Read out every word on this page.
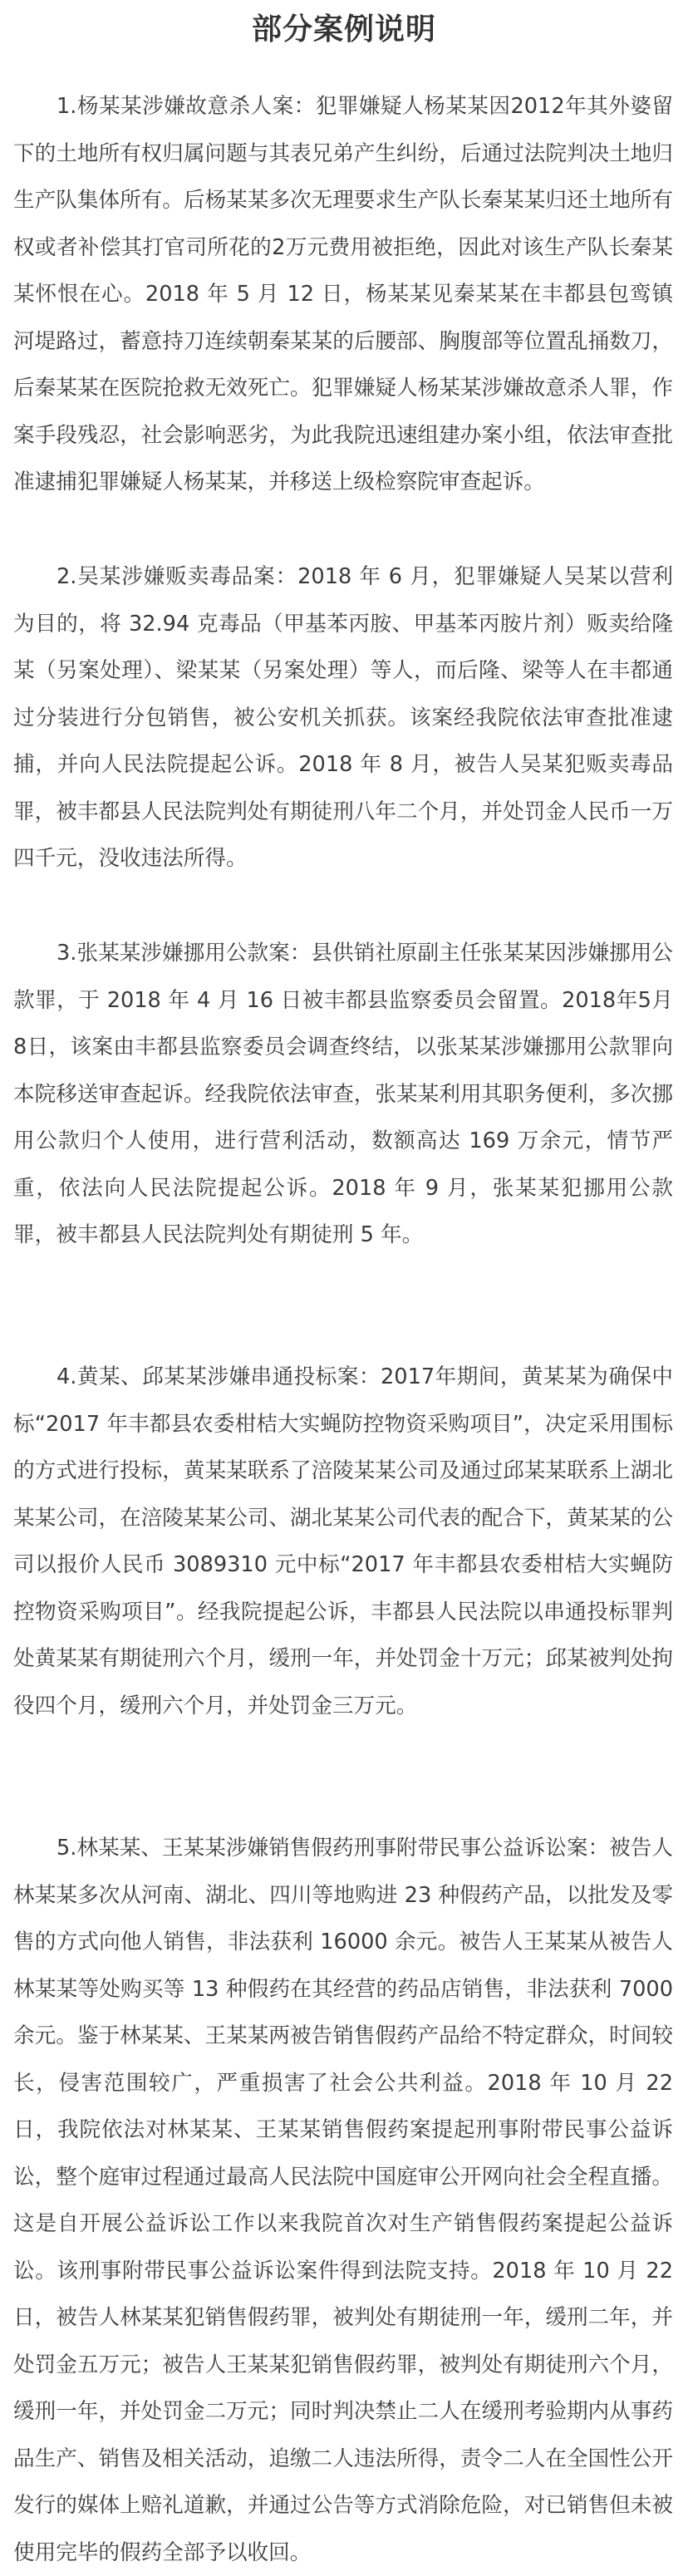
部分案例说明

1.杨某某涉嫌故意杀人案：犯罪嫌疑人杨某某因2012年其外婆留下的土地所有权归属问题与其表兄弟产生纠纷，后通过法院判决土地归生产队集体所有。后杨某某多次无理要求生产队长秦某某归还土地所有权或者补偿其打官司所花的2万元费用被拒绝，因此对该生产队长秦某某怀恨在心。2018 年 5 月 12 日，杨某某见秦某某在丰都县包鸾镇河堤路过，蓄意持刀连续朝秦某某的后腰部、胸腹部等位置乱捅数刀，后秦某某在医院抢救无效死亡。犯罪嫌疑人杨某某涉嫌故意杀人罪，作案手段残忍，社会影响恶劣，为此我院迅速组建办案小组，依法审查批准逮捕犯罪嫌疑人杨某某，并移送上级检察院审查起诉。

2.吴某涉嫌贩卖毒品案：2018 年 6 月，犯罪嫌疑人吴某以营利为目的，将 32.94 克毒品（甲基苯丙胺、甲基苯丙胺片剂）贩卖给隆某（另案处理）、梁某某（另案处理）等人，而后隆、梁等人在丰都通过分装进行分包销售，被公安机关抓获。该案经我院依法审查批准逮捕，并向人民法院提起公诉。2018 年 8 月，被告人吴某犯贩卖毒品罪，被丰都县人民法院判处有期徒刑八年二个月，并处罚金人民币一万四千元，没收违法所得。

3.张某某涉嫌挪用公款案：县供销社原副主任张某某因涉嫌挪用公款罪，于 2018 年 4 月 16 日被丰都县监察委员会留置。2018年5月8日，该案由丰都县监察委员会调查终结，以张某某涉嫌挪用公款罪向本院移送审查起诉。经我院依法审查，张某某利用其职务便利，多次挪用公款归个人使用，进行营利活动，数额高达 169 万余元，情节严重，依法向人民法院提起公诉。2018 年 9 月，张某某犯挪用公款罪，被丰都县人民法院判处有期徒刑 5 年。

4.黄某、邱某某涉嫌串通投标案：2017年期间，黄某某为确保中标“2017 年丰都县农委柑桔大实蝇防控物资采购项目”，决定采用围标的方式进行投标，黄某某联系了涪陵某某公司及通过邱某某联系上湖北某某公司，在涪陵某某公司、湖北某某公司代表的配合下，黄某某的公司以报价人民币 3089310 元中标“2017 年丰都县农委柑桔大实蝇防控物资采购项目”。经我院提起公诉，丰都县人民法院以串通投标罪判处黄某某有期徒刑六个月，缓刑一年，并处罚金十万元；邱某被判处拘役四个月，缓刑六个月，并处罚金三万元。

5.林某某、王某某涉嫌销售假药刑事附带民事公益诉讼案：被告人林某某多次从河南、湖北、四川等地购进 23 种假药产品，以批发及零售的方式向他人销售，非法获利 16000 余元。被告人王某某从被告人林某某等处购买等 13 种假药在其经营的药品店销售，非法获利 7000 余元。鉴于林某某、王某某两被告销售假药产品给不特定群众，时间较长，侵害范围较广，严重损害了社会公共利益。2018 年 10 月 22 日，我院依法对林某某、王某某销售假药案提起刑事附带民事公益诉讼，整个庭审过程通过最高人民法院中国庭审公开网向社会全程直播。这是自开展公益诉讼工作以来我院首次对生产销售假药案提起公益诉讼。该刑事附带民事公益诉讼案件得到法院支持。2018 年 10 月 22 日，被告人林某某犯销售假药罪，被判处有期徒刑一年，缓刑二年，并处罚金五万元；被告人王某某犯销售假药罪，被判处有期徒刑六个月，缓刑一年，并处罚金二万元；同时判决禁止二人在缓刑考验期内从事药品生产、销售及相关活动，追缴二人违法所得，责令二人在全国性公开发行的媒体上赔礼道歉，并通过公告等方式消除危险，对已销售但未被使用完毕的假药全部予以收回。
